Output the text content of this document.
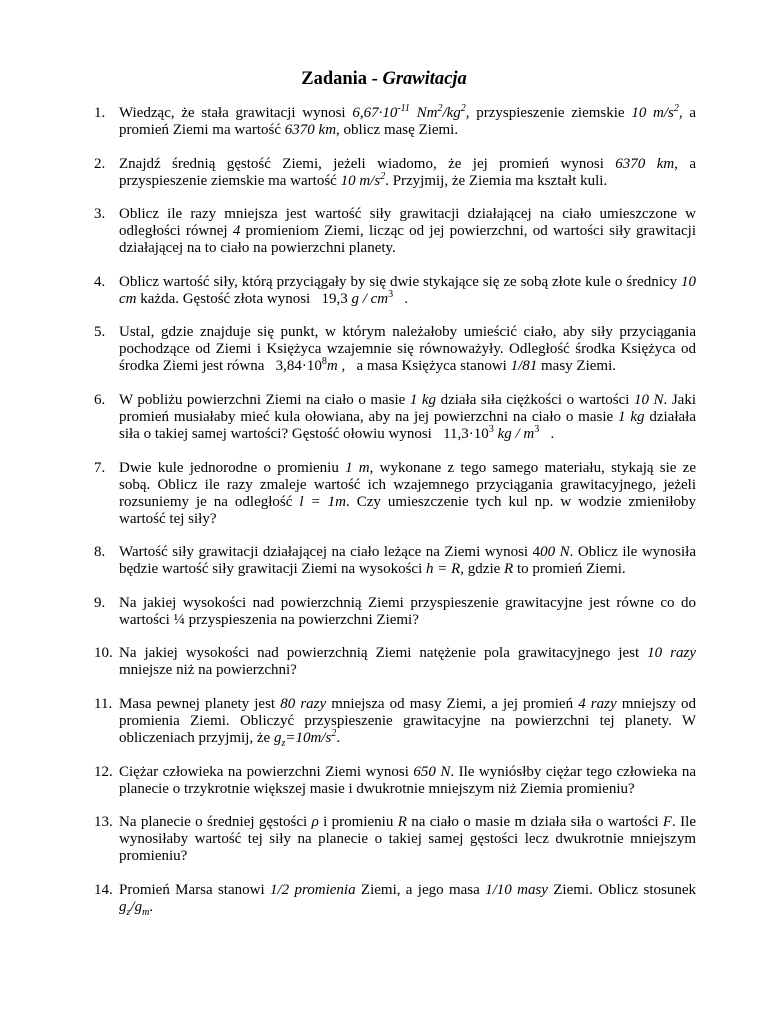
Zadania - Grawitacja
1. Wiedząc, że stała grawitacji wynosi $6,67\cdot 10^{-11}$ $Nm^2/kg^2$, przyspieszenie ziemskie 10 $m/s^2$, a promień Ziemi ma wartość 6370 km, oblicz masę Ziemi.
2. Znajdź średnią gęstość Ziemi, jeżeli wiadomo, że jej promień wynosi 6370 km, a przyspieszenie ziemskie ma wartość 10 $m/s^2$. Przyjmij, że Ziemia ma kształt kuli.
3. Oblicz ile razy mniejsza jest wartość siły grawitacji działającej na ciało umieszczone w odległości równej 4 promieniom Ziemi, licząc od jej powierzchni, od wartości siły grawitacji działającej na to ciało na powierzchni planety.
4. Oblicz wartość siły, którą przyciągały by się dwie stykające się ze sobą złote kule o średnicy 10 cm każda. Gęstość złota wynosi   19,3 g / $cm^3$   .
5. Ustal, gdzie znajduje się punkt, w którym należałoby umieścić ciało, aby siły przyciągania pochodzące od Ziemi i Księżyca wzajemnie się równoważyły. Odległość środka Księżyca od środka Ziemi jest równa   $3,84\cdot 10^8m$ ,   a masa Księżyca stanowi 1/81 masy Ziemi.
6. W pobliżu powierzchni Ziemi na ciało o masie 1 kg działa siła ciężkości o wartości 10 N. Jaki promień musiałaby mieć kula ołowiana, aby na jej powierzchni na ciało o masie 1 kg działała siła o takiej samej wartości? Gęstość ołowiu wynosi   $11,3\cdot 10^3$ kg / $m^3$   .
7. Dwie kule jednorodne o promieniu 1 m, wykonane z tego samego materiału, stykają sie ze sobą. Oblicz ile razy zmaleje wartość ich wzajemnego przyciągania grawitacyjnego, jeżeli rozsuniemy je na odległość l = 1m. Czy umieszczenie tych kul np. w wodzie zmieniłoby wartość tej siły?
8. Wartość siły grawitacji działającej na ciało leżące na Ziemi wynosi 400 N. Oblicz ile wynosiła będzie wartość siły grawitacji Ziemi na wysokości h = R, gdzie R to promień Ziemi.
9. Na jakiej wysokości nad powierzchnią Ziemi przyspieszenie grawitacyjne jest równe co do wartości ¼ przyspieszenia na powierzchni Ziemi?
10. Na jakiej wysokości nad powierzchnią Ziemi natężenie pola grawitacyjnego jest 10 razy mniejsze niż na powierzchni?
11. Masa pewnej planety jest 80 razy mniejsza od masy Ziemi, a jej promień 4 razy mniejszy od promienia Ziemi. Obliczyć przyspieszenie grawitacyjne na powierzchni tej planety. W obliczeniach przyjmij, że $g_z=10m/s^2$.
12. Ciężar człowieka na powierzchni Ziemi wynosi 650 N. Ile wyniósłby ciężar tego człowieka na planecie o trzykrotnie większej masie i dwukrotnie mniejszym niż Ziemia promieniu?
13. Na planecie o średniej gęstości ρ i promieniu R na ciało o masie m działa siła o wartości F. Ile wynosiłaby wartość tej siły na planecie o takiej samej gęstości lecz dwukrotnie mniejszym promieniu?
14. Promień Marsa stanowi 1/2 promienia Ziemi, a jego masa 1/10 masy Ziemi. Oblicz stosunek $g_z/g_m$.
